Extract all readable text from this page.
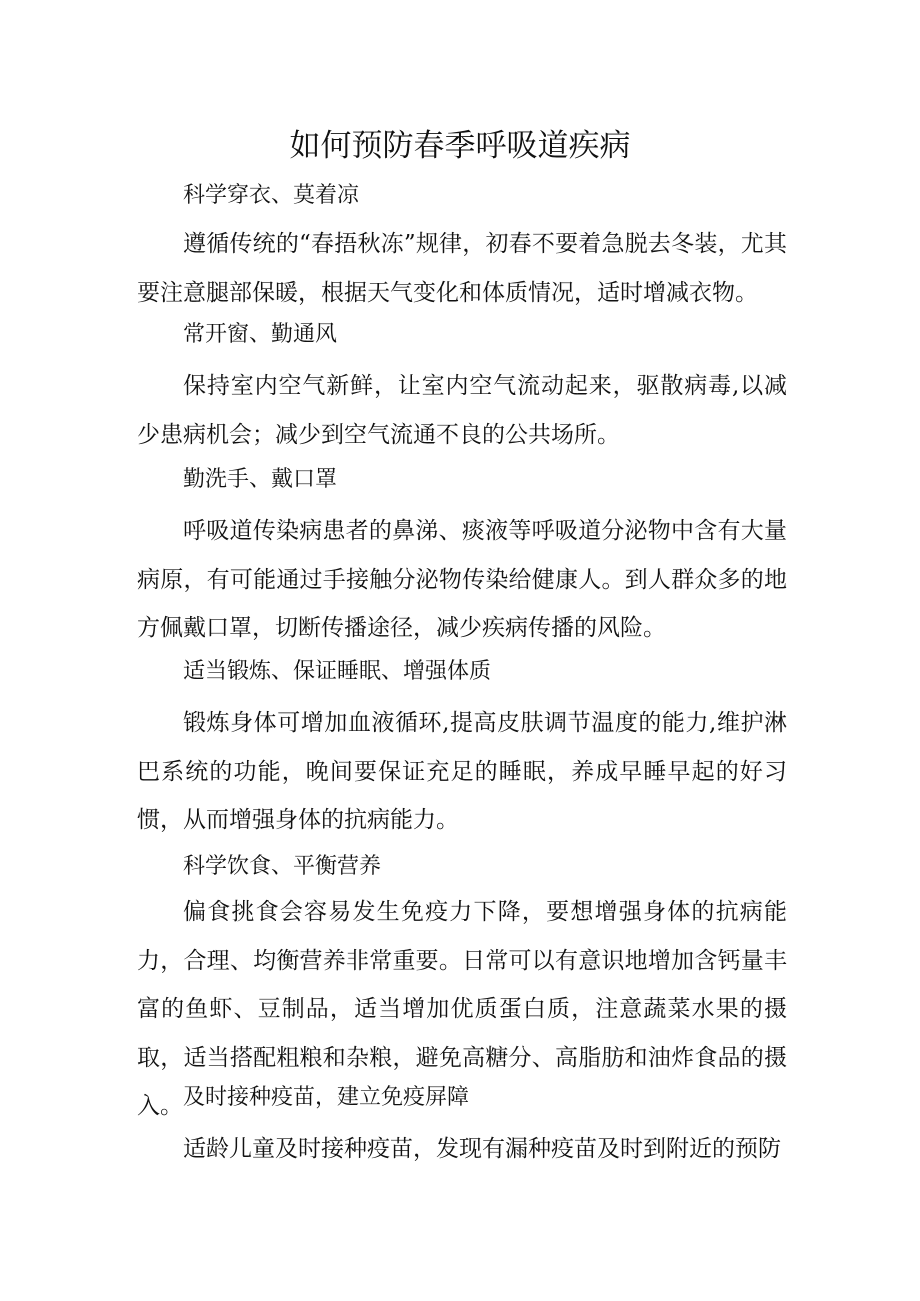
如何预防春季呼吸道疾病

科学穿衣、莫着凉

遵循传统的“春捂秋冻”规律，初春不要着急脱去冬装，尤其要注意腿部保暖，根据天气变化和体质情况，适时增减衣物。

常开窗、勤通风

保持室内空气新鲜，让室内空气流动起来，驱散病毒,以减少患病机会；减少到空气流通不良的公共场所。

勤洗手、戴口罩

呼吸道传染病患者的鼻涕、痰液等呼吸道分泌物中含有大量病原，有可能通过手接触分泌物传染给健康人。到人群众多的地方佩戴口罩，切断传播途径，减少疾病传播的风险。

适当锻炼、保证睡眠、增强体质

锻炼身体可增加血液循环,提高皮肤调节温度的能力,维护淋巴系统的功能，晚间要保证充足的睡眠，养成早睡早起的好习惯，从而增强身体的抗病能力。

科学饮食、平衡营养

偏食挑食会容易发生免疫力下降，要想增强身体的抗病能力，合理、均衡营养非常重要。日常可以有意识地增加含钙量丰富的鱼虾、豆制品，适当增加优质蛋白质，注意蔬菜水果的摄取，适当搭配粗粮和杂粮，避免高糖分、高脂肪和油炸食品的摄入。 及时接种疫苗，建立免疫屏障

适龄儿童及时接种疫苗，发现有漏种疫苗及时到附近的预防
